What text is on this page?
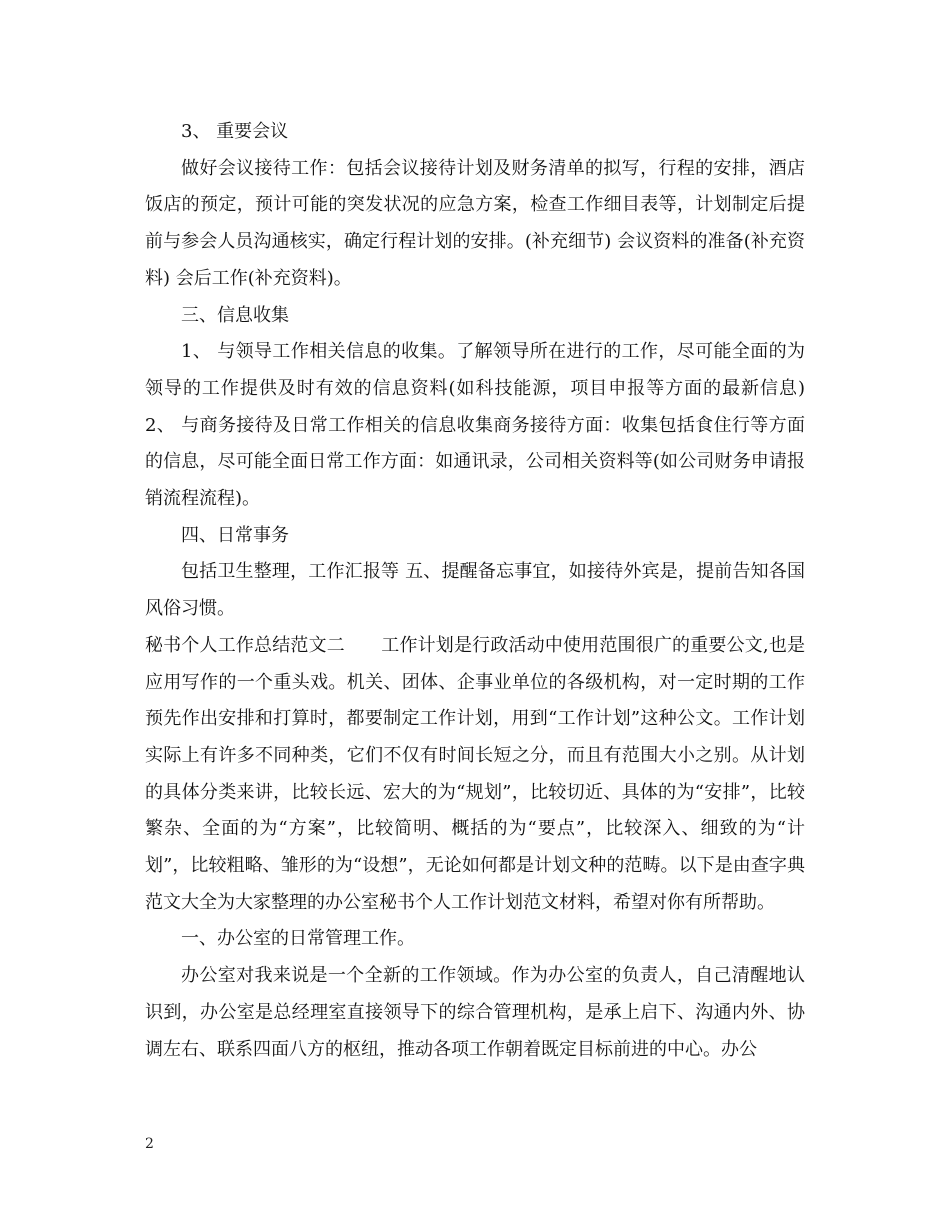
3、 重要会议

做好会议接待工作：包括会议接待计划及财务清单的拟写，行程的安排，酒店饭店的预定，预计可能的突发状况的应急方案，检查工作细目表等，计划制定后提前与参会人员沟通核实，确定行程计划的安排。(补充细节) 会议资料的准备(补充资料) 会后工作(补充资料)。

三、信息收集

1、 与领导工作相关信息的收集。了解领导所在进行的工作，尽可能全面的为领导的工作提供及时有效的信息资料(如科技能源，项目申报等方面的最新信息) 2、 与商务接待及日常工作相关的信息收集商务接待方面：收集包括食住行等方面的信息，尽可能全面日常工作方面：如通讯录，公司相关资料等(如公司财务申请报销流程流程)。

四、日常事务

包括卫生整理，工作汇报等 五、提醒备忘事宜，如接待外宾是，提前告知各国风俗习惯。

秘书个人工作总结范文二　　工作计划是行政活动中使用范围很广的重要公文,也是应用写作的一个重头戏。机关、团体、企事业单位的各级机构，对一定时期的工作预先作出安排和打算时，都要制定工作计划，用到“工作计划”这种公文。工作计划实际上有许多不同种类，它们不仅有时间长短之分，而且有范围大小之别。从计划的具体分类来讲，比较长远、宏大的为“规划”，比较切近、具体的为“安排”，比较繁杂、全面的为“方案”，比较简明、概括的为“要点”，比较深入、细致的为“计划”，比较粗略、雏形的为“设想”，无论如何都是计划文种的范畴。以下是由查字典范文大全为大家整理的办公室秘书个人工作计划范文材料，希望对你有所帮助。

一、办公室的日常管理工作。

办公室对我来说是一个全新的工作领域。作为办公室的负责人，自己清醒地认识到，办公室是总经理室直接领导下的综合管理机构，是承上启下、沟通内外、协调左右、联系四面八方的枢纽，推动各项工作朝着既定目标前进的中心。办公

2
